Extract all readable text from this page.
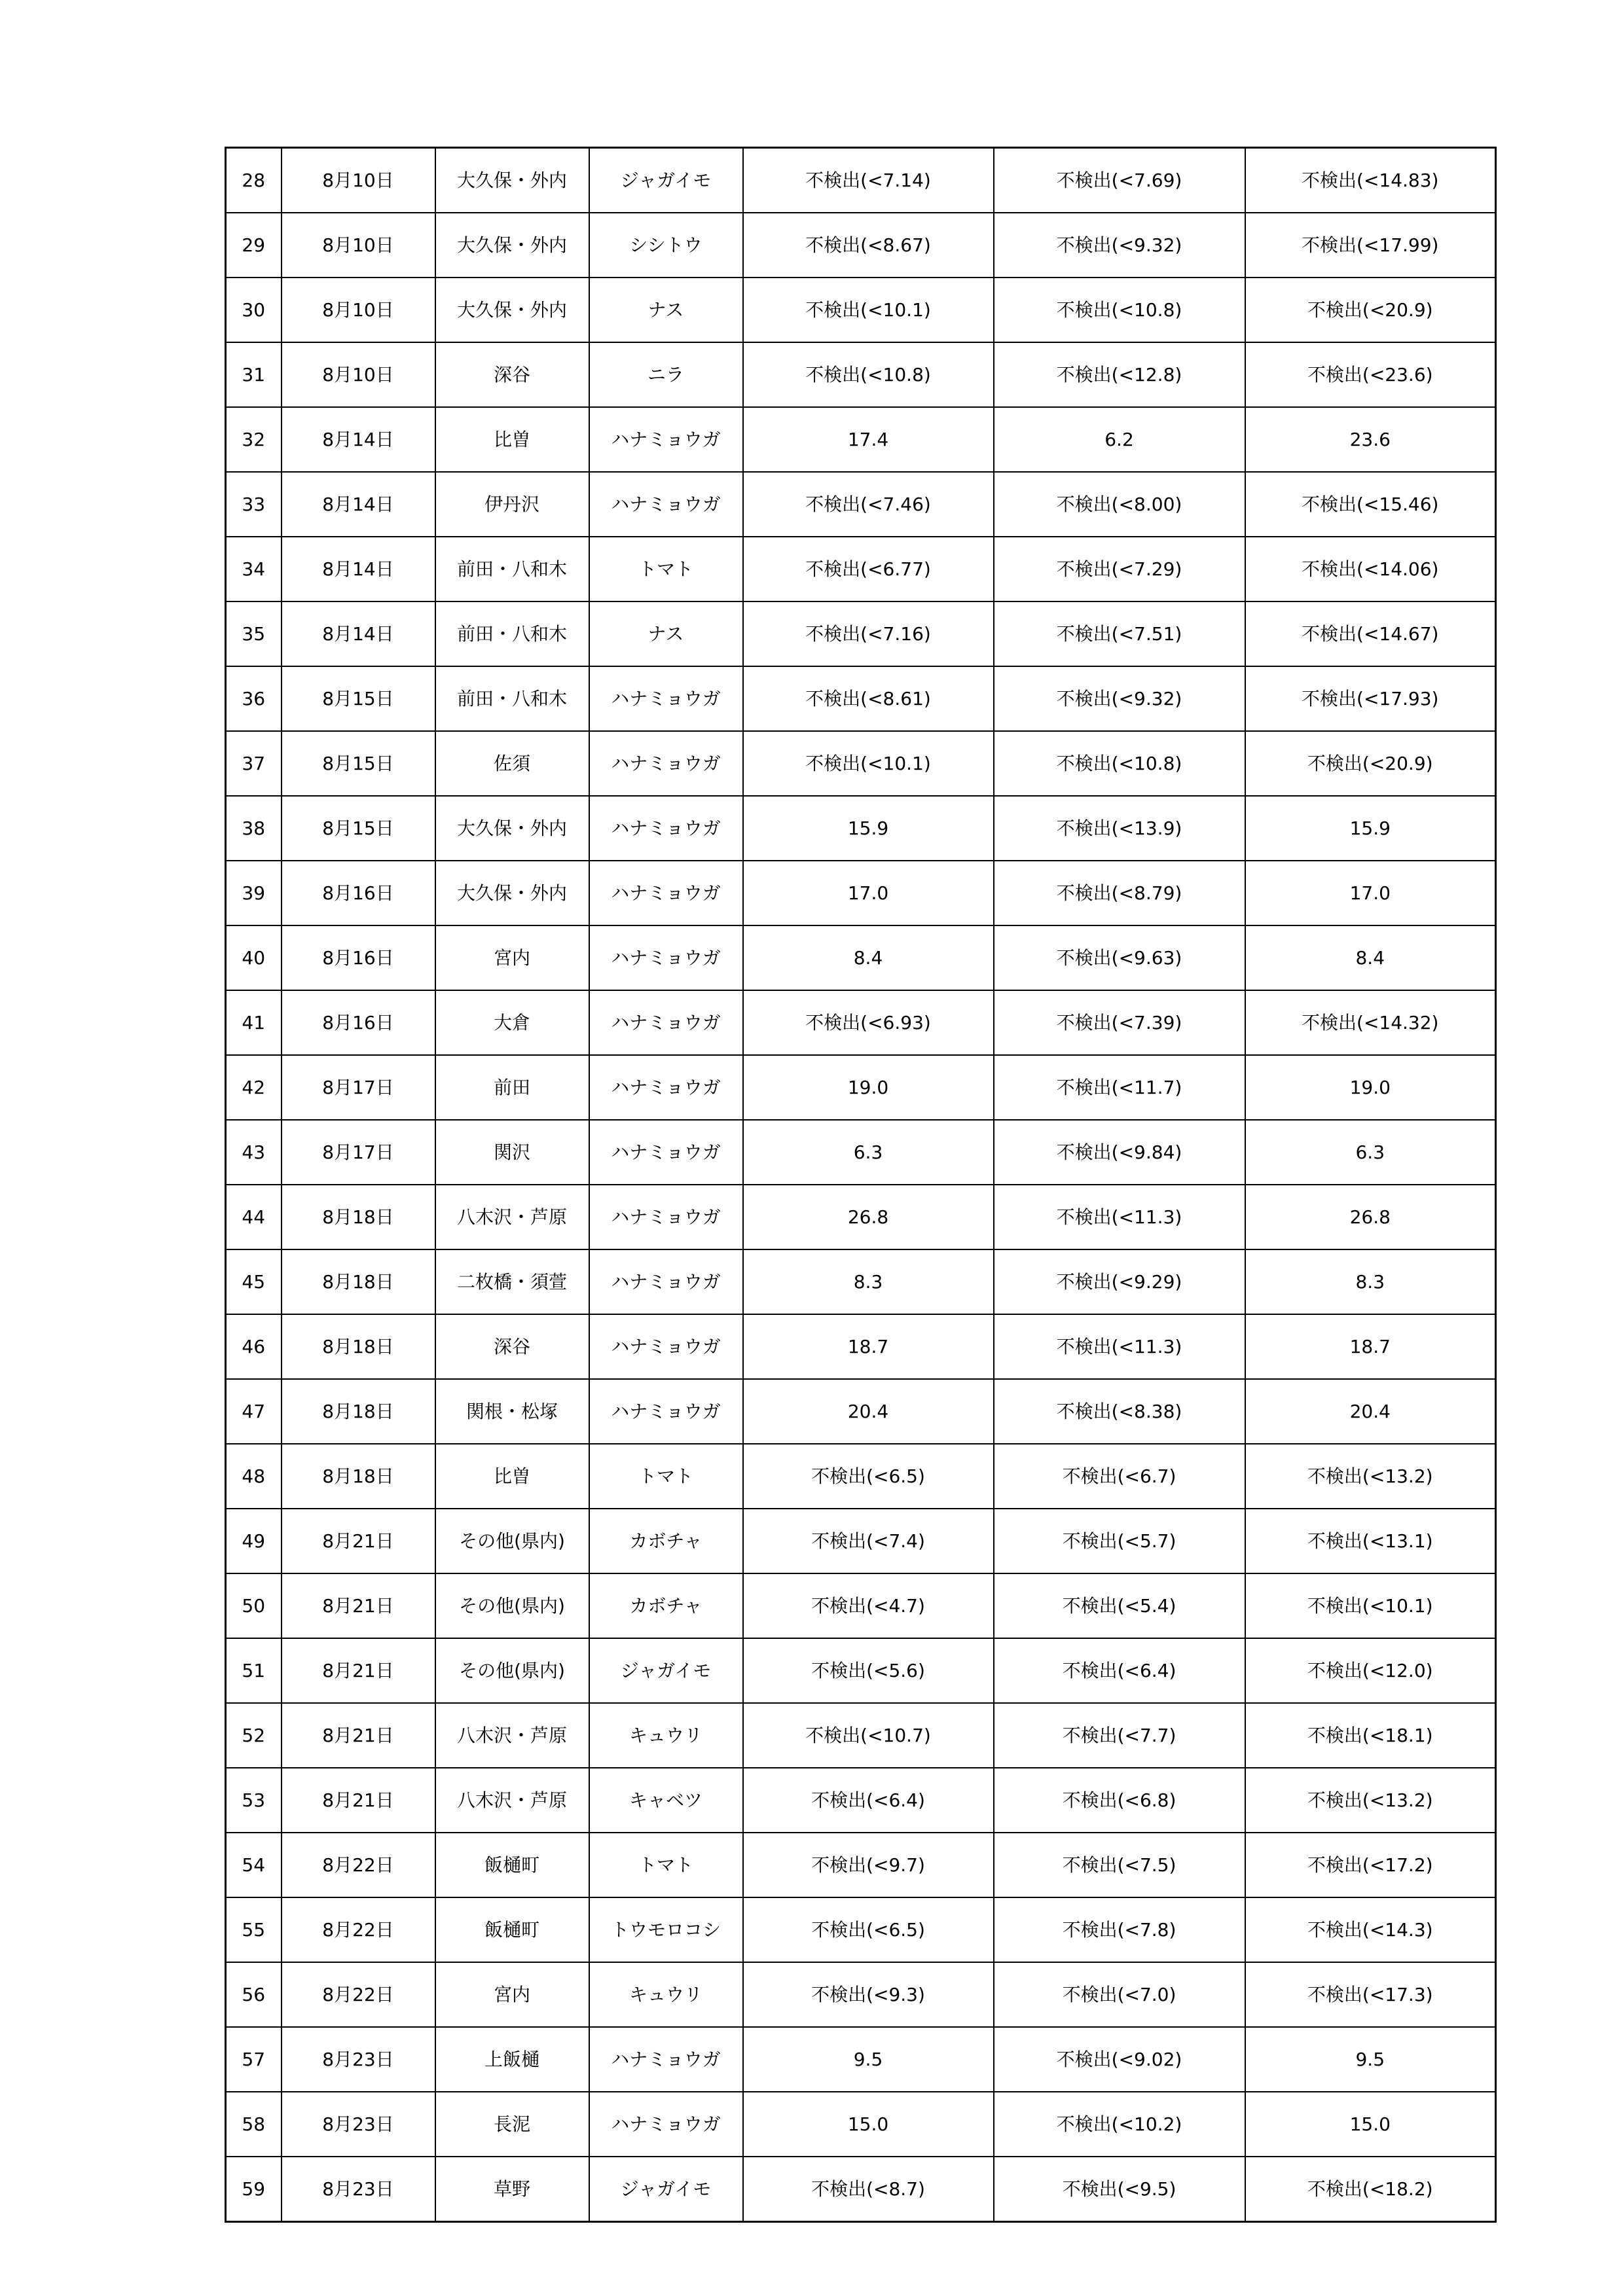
28	8月10日	大久保・外内	ジャガイモ	不検出(<7.14)	不検出(<7.69)	不検出(<14.83)
29	8月10日	大久保・外内	シシトウ	不検出(<8.67)	不検出(<9.32)	不検出(<17.99)
30	8月10日	大久保・外内	ナス	不検出(<10.1)	不検出(<10.8)	不検出(<20.9)
31	8月10日	深谷	ニラ	不検出(<10.8)	不検出(<12.8)	不検出(<23.6)
32	8月14日	比曽	ハナミョウガ	17.4	6.2	23.6
33	8月14日	伊丹沢	ハナミョウガ	不検出(<7.46)	不検出(<8.00)	不検出(<15.46)
34	8月14日	前田・八和木	トマト	不検出(<6.77)	不検出(<7.29)	不検出(<14.06)
35	8月14日	前田・八和木	ナス	不検出(<7.16)	不検出(<7.51)	不検出(<14.67)
36	8月15日	前田・八和木	ハナミョウガ	不検出(<8.61)	不検出(<9.32)	不検出(<17.93)
37	8月15日	佐須	ハナミョウガ	不検出(<10.1)	不検出(<10.8)	不検出(<20.9)
38	8月15日	大久保・外内	ハナミョウガ	15.9	不検出(<13.9)	15.9
39	8月16日	大久保・外内	ハナミョウガ	17.0	不検出(<8.79)	17.0
40	8月16日	宮内	ハナミョウガ	8.4	不検出(<9.63)	8.4
41	8月16日	大倉	ハナミョウガ	不検出(<6.93)	不検出(<7.39)	不検出(<14.32)
42	8月17日	前田	ハナミョウガ	19.0	不検出(<11.7)	19.0
43	8月17日	関沢	ハナミョウガ	6.3	不検出(<9.84)	6.3
44	8月18日	八木沢・芦原	ハナミョウガ	26.8	不検出(<11.3)	26.8
45	8月18日	二枚橋・須萱	ハナミョウガ	8.3	不検出(<9.29)	8.3
46	8月18日	深谷	ハナミョウガ	18.7	不検出(<11.3)	18.7
47	8月18日	関根・松塚	ハナミョウガ	20.4	不検出(<8.38)	20.4
48	8月18日	比曽	トマト	不検出(<6.5)	不検出(<6.7)	不検出(<13.2)
49	8月21日	その他(県内)	カボチャ	不検出(<7.4)	不検出(<5.7)	不検出(<13.1)
50	8月21日	その他(県内)	カボチャ	不検出(<4.7)	不検出(<5.4)	不検出(<10.1)
51	8月21日	その他(県内)	ジャガイモ	不検出(<5.6)	不検出(<6.4)	不検出(<12.0)
52	8月21日	八木沢・芦原	キュウリ	不検出(<10.7)	不検出(<7.7)	不検出(<18.1)
53	8月21日	八木沢・芦原	キャベツ	不検出(<6.4)	不検出(<6.8)	不検出(<13.2)
54	8月22日	飯樋町	トマト	不検出(<9.7)	不検出(<7.5)	不検出(<17.2)
55	8月22日	飯樋町	トウモロコシ	不検出(<6.5)	不検出(<7.8)	不検出(<14.3)
56	8月22日	宮内	キュウリ	不検出(<9.3)	不検出(<7.0)	不検出(<17.3)
57	8月23日	上飯樋	ハナミョウガ	9.5	不検出(<9.02)	9.5
58	8月23日	長泥	ハナミョウガ	15.0	不検出(<10.2)	15.0
59	8月23日	草野	ジャガイモ	不検出(<8.7)	不検出(<9.5)	不検出(<18.2)
